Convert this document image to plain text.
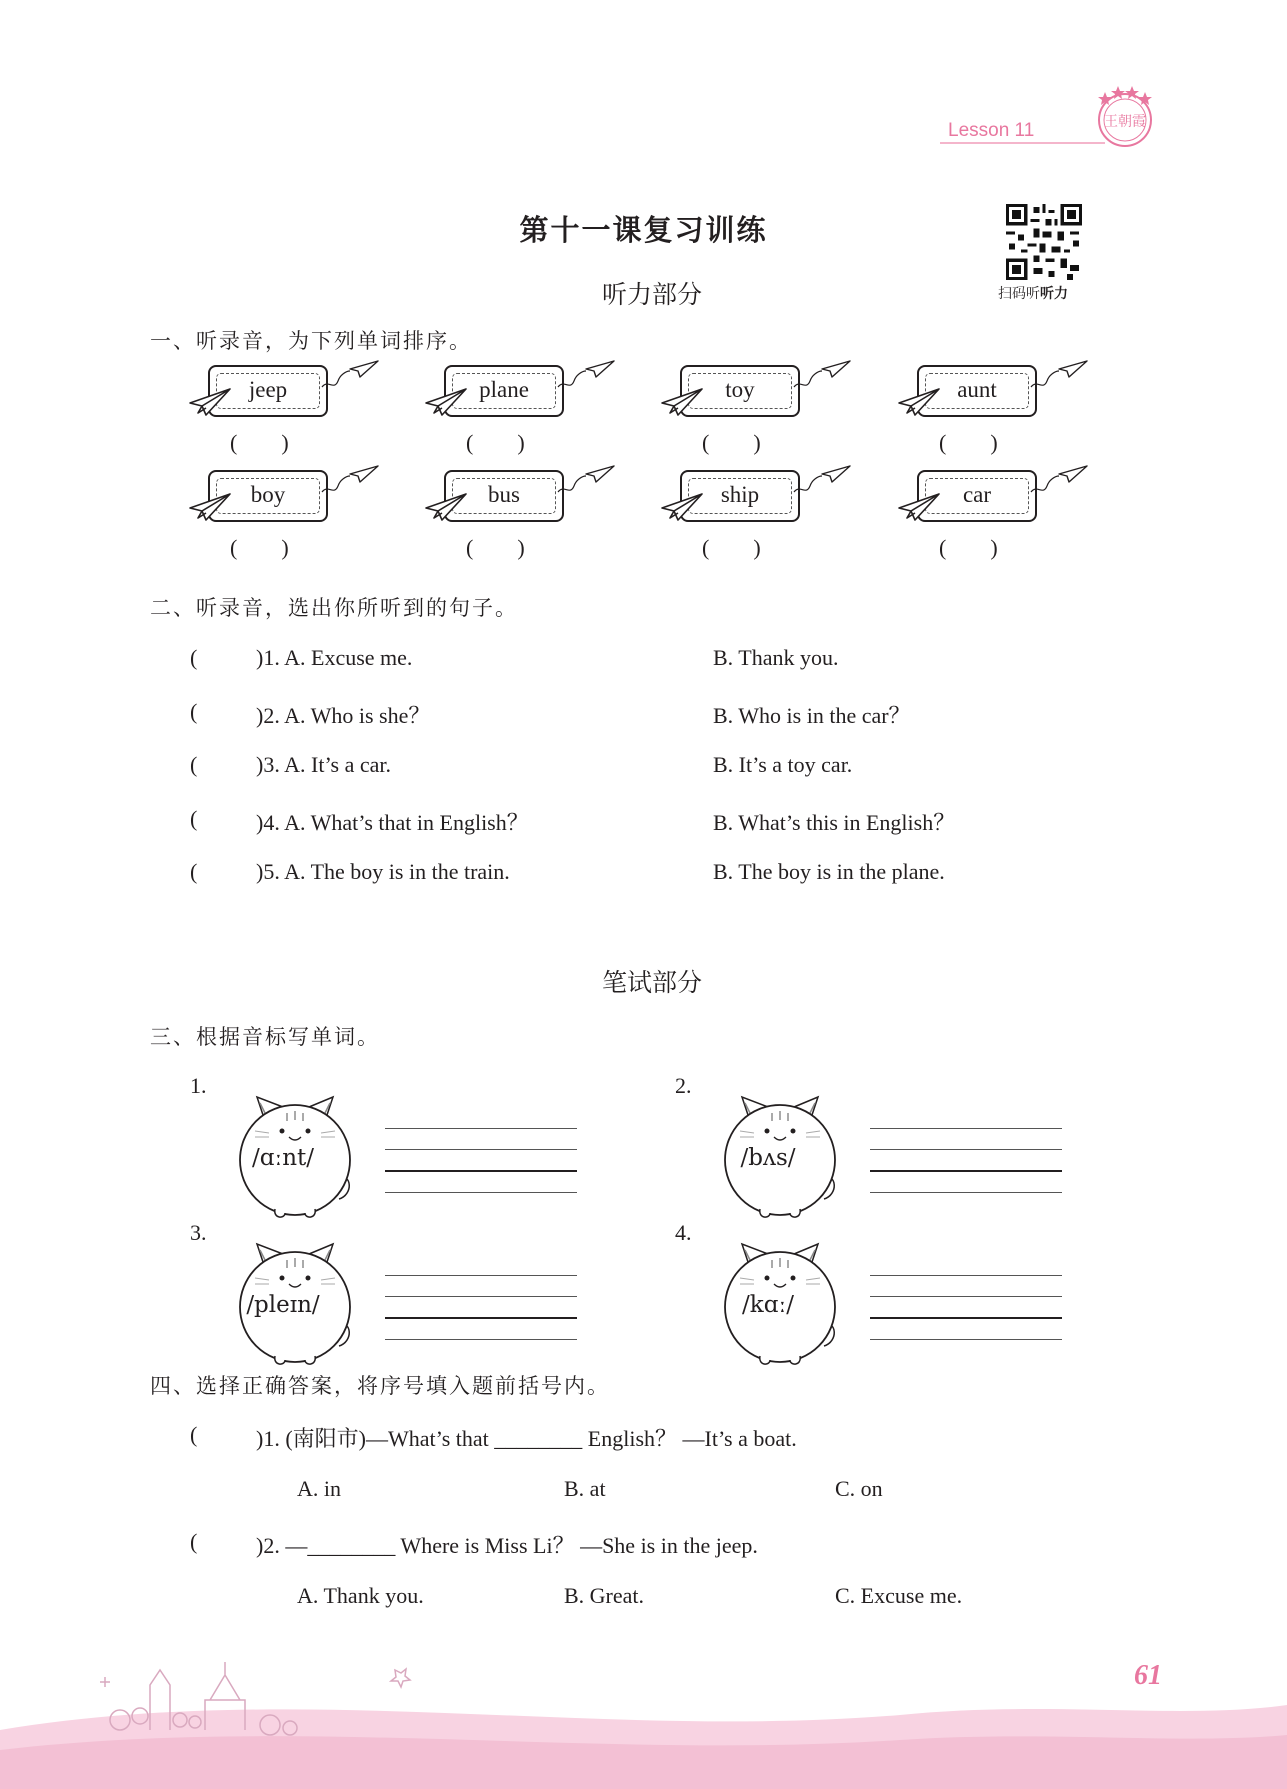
王朝霞
Lesson 11
第十一课复习训练
扫码听听力
听力部分
一、听录音，为下列单词排序。
jeep
(        )
plane
(        )
toy
(        )
aunt
(        )
boy
(        )
bus
(        )
ship
(        )
car
(        )
二、听录音，选出你所听到的句子。
(	)1. A. Excuse me.	B. Thank you.
(	)2. A. Who is she？	B. Who is in the car？
(	)3. A. It’s a car.	B. It’s a toy car.
(	)4. A. What’s that in English？	B. What’s this in English？
(	)5. A. The boy is in the train.	B. The boy is in the plane.
笔试部分
三、根据音标写单词。
1.
/ɑːnt/
2.
/bʌs/
3.
/pleɪn/
4.
/kɑː/
四、选择正确答案，将序号填入题前括号内。
(	)1. (南阳市)—What’s that ________ English？ —It’s a boat.
A. in	B. at	C. on
(	)2. —________ Where is Miss Li？ —She is in the jeep.
A. Thank you.	B. Great.	C. Excuse me.
61
